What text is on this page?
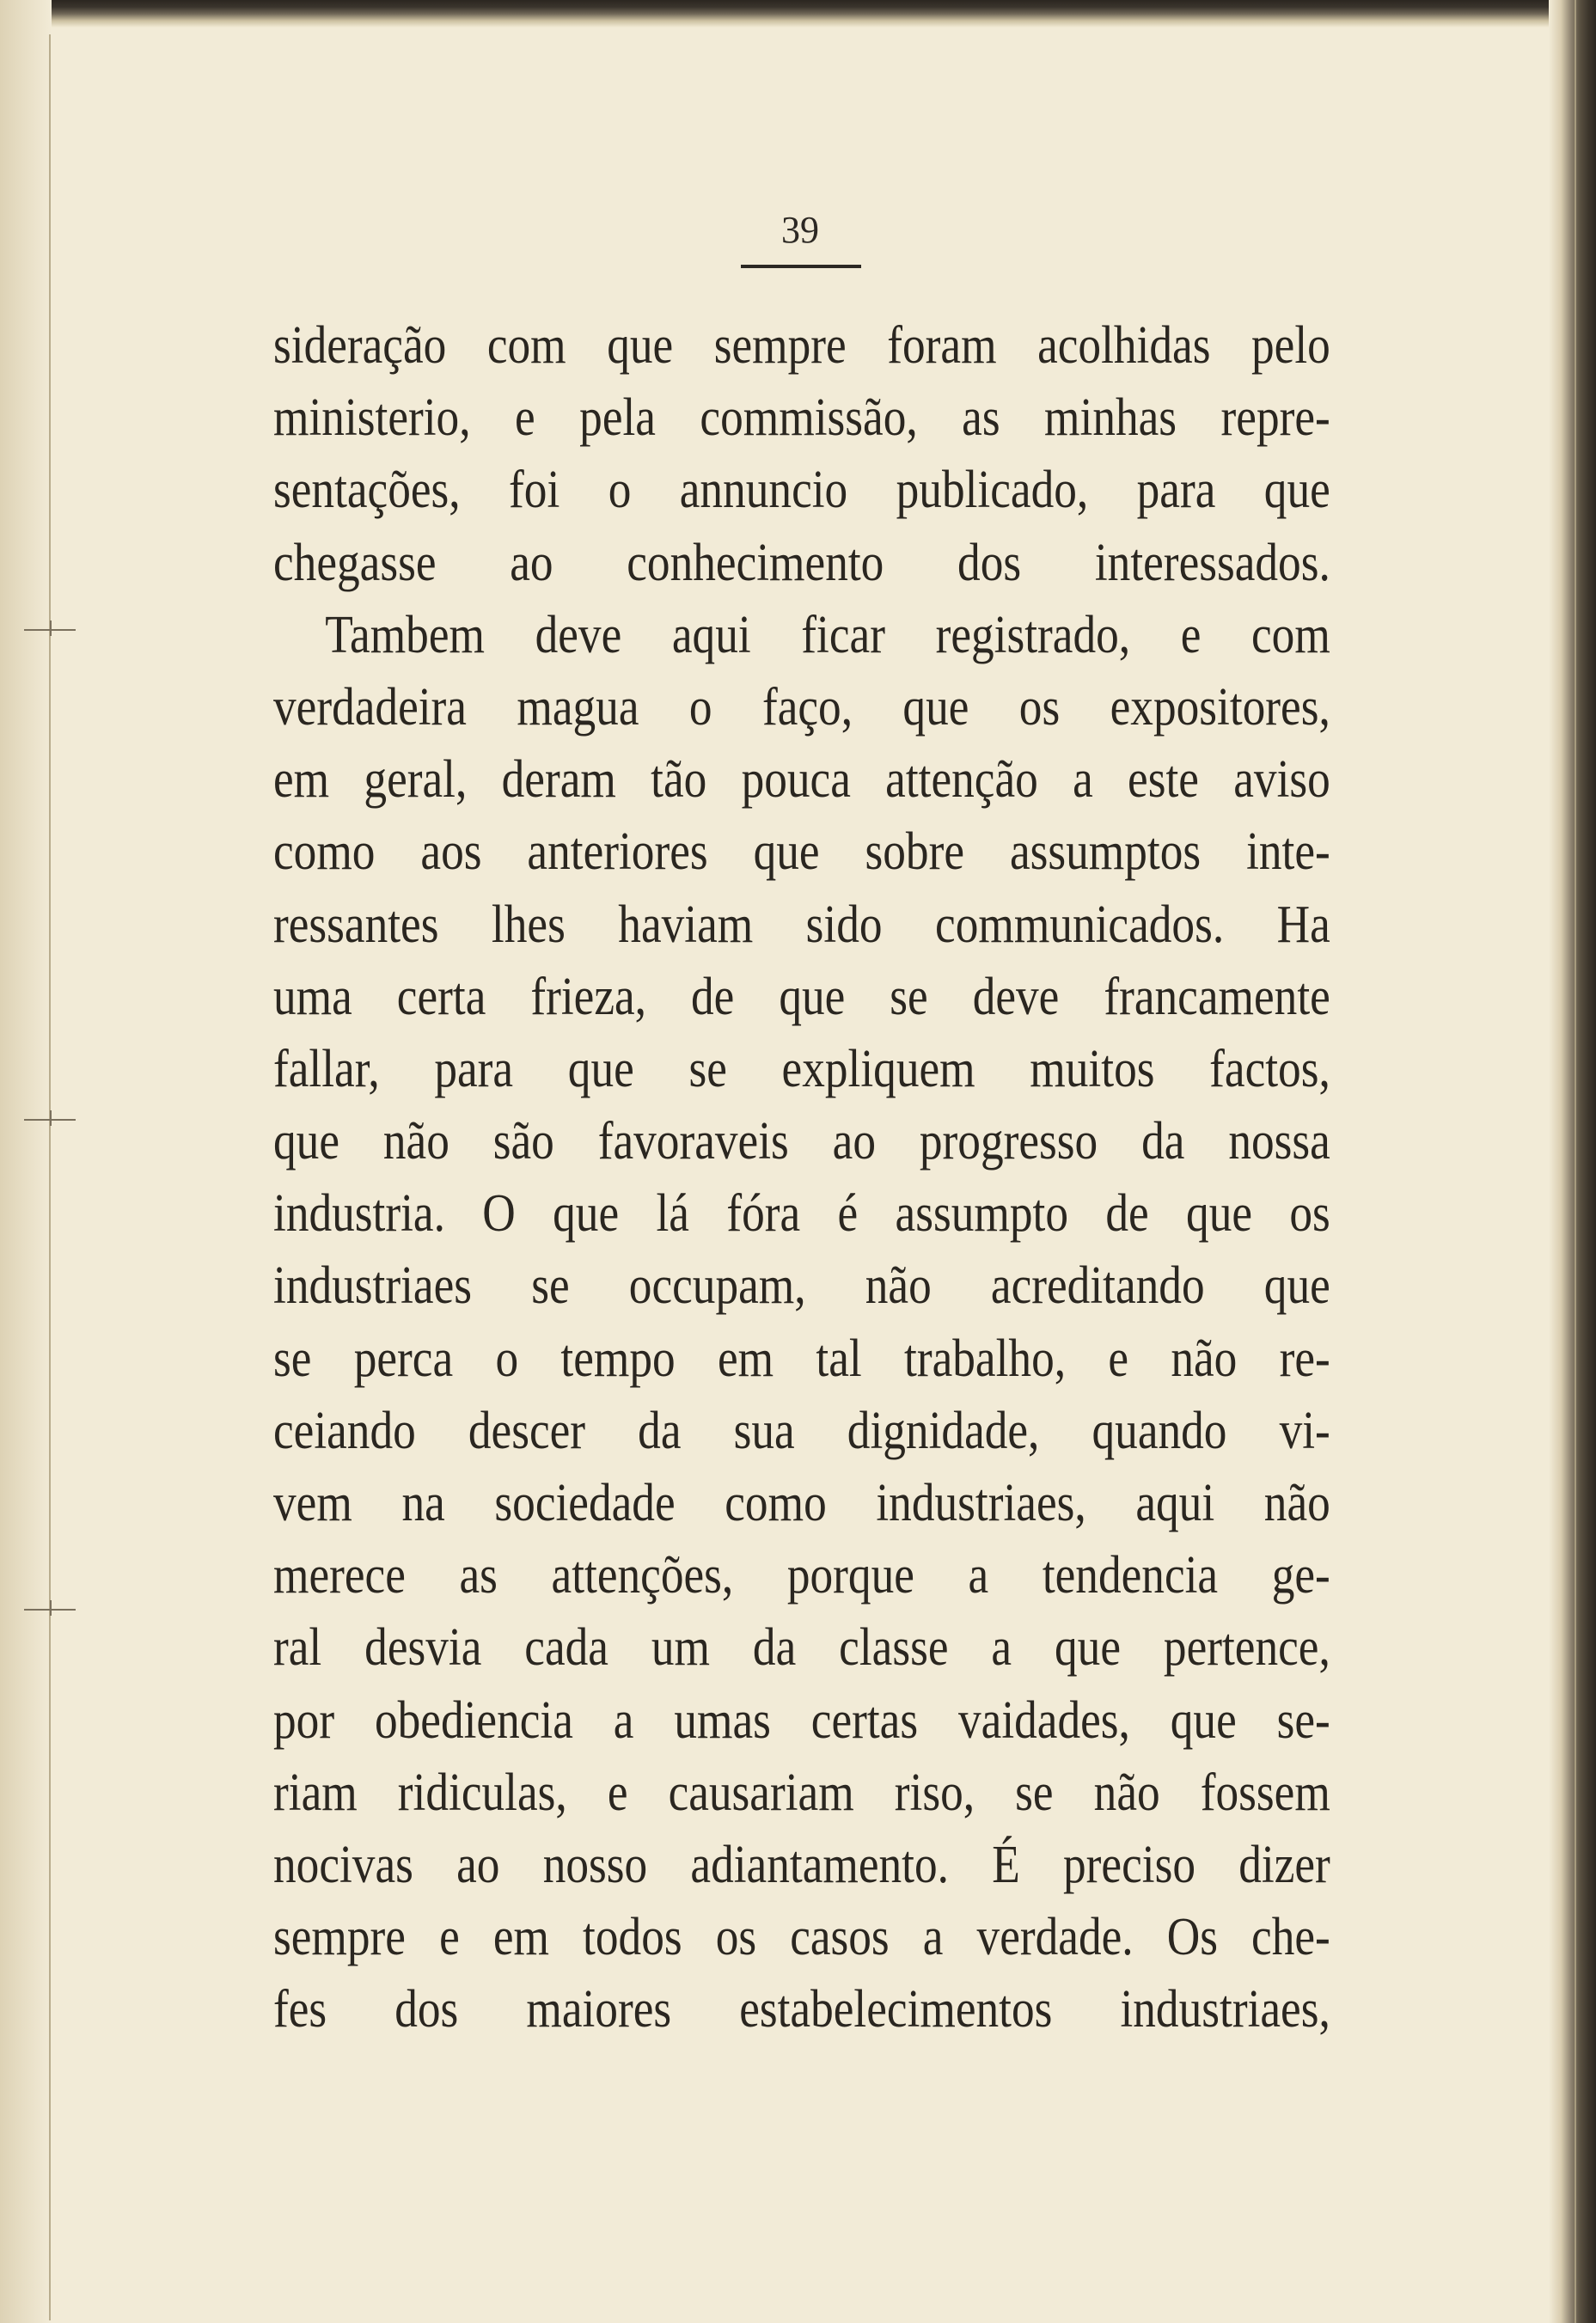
39

sideração com que sempre foram acolhidas pelo
ministerio, e pela commissão, as minhas repre-
sentações, foi o annuncio publicado, para que
chegasse ao conhecimento dos interessados.
Tambem deve aqui ficar registrado, e com
verdadeira magua o faço, que os expositores,
em geral, deram tão pouca attenção a este aviso
como aos anteriores que sobre assumptos inte-
ressantes lhes haviam sido communicados. Ha
uma certa frieza, de que se deve francamente
fallar, para que se expliquem muitos factos,
que não são favoraveis ao progresso da nossa
industria. O que lá fóra é assumpto de que os
industriaes se occupam, não acreditando que
se perca o tempo em tal trabalho, e não re-
ceiando descer da sua dignidade, quando vi-
vem na sociedade como industriaes, aqui não
merece as attenções, porque a tendencia ge-
ral desvia cada um da classe a que pertence,
por obediencia a umas certas vaidades, que se-
riam ridiculas, e causariam riso, se não fossem
nocivas ao nosso adiantamento. É preciso dizer
sempre e em todos os casos a verdade. Os che-
fes dos maiores estabelecimentos industriaes,
